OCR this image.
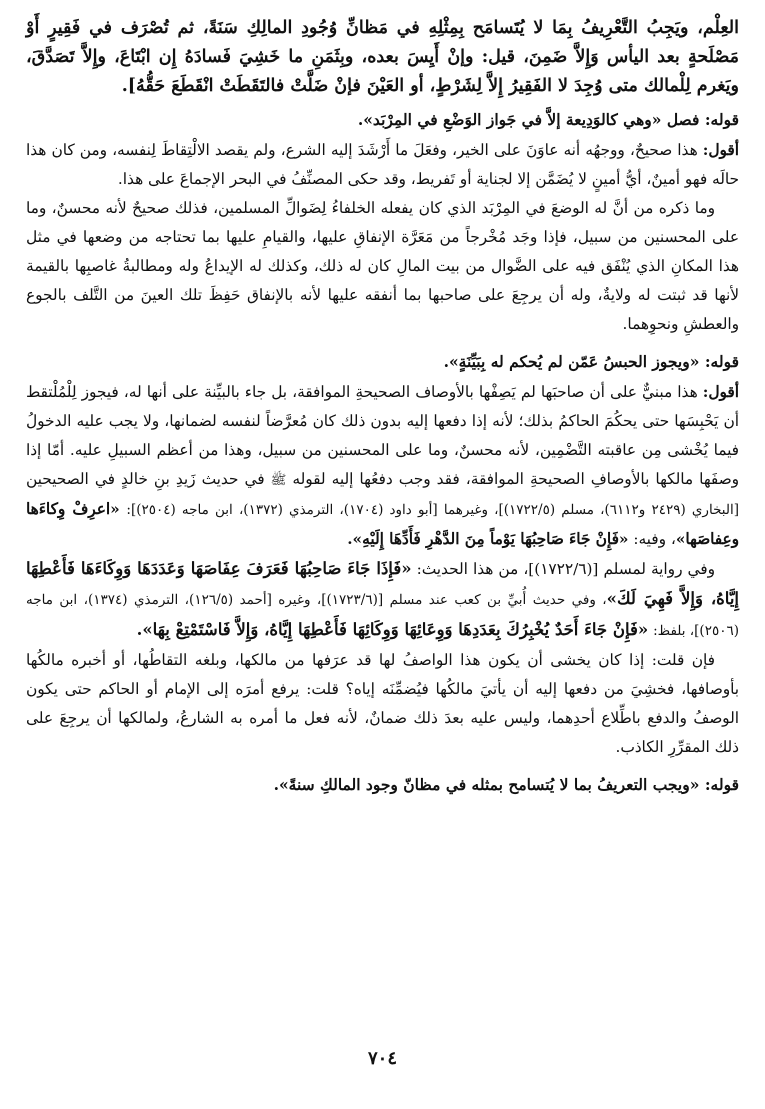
العِلْم، ويَجِبُ التَّعْرِيفُ بِمَا لا يُتَسامَح بِمِثْلِهِ في مَظانِّ وُجُودِ المالِكِ سَنَةً، ثم تُصْرَف في فَقِيرٍ أَوْ مَصْلَحةٍ بعد اليأس وَإِلاَّ ضَمِنَ، قيل: وإنْ أَيِسَ بعده، وبِثَمَنِ ما خَشِيَ فَسادَهُ إِن ابْتَاعَ، وإِلاَّ تَصَدَّقَ، ويَغرم لِلْمالك متى وُجِدَ لا الفَقِيرُ إِلاَّ لِشَرْطٍ، أو العَيْنَ فإنْ ضَلَّتْ فالتَقَطَتْ انْقَطَعَ حَقُّهُ].

قوله: فصل «وهي كالوَدِيعة إلاَّ في جَواز الوَضْعِ في المِرْبَد».

أقول: هذا صحيحٌ، ووجهُه أنه عاوَنَ على الخير، وفعَلَ ما أَرْشَدَ إليه الشرع، ولم يقصد الالْتِقاطَ لِنفسه، ومن كان هذا حالَه فهو أمينٌ، أيُّ أمينٍ لا يُضَمَّن إلا لجناية أو تَفريط، وقد حكى المصنِّفُ في البحر الإجماعَ على هذا.

وما ذكره من أنَّ له الوضعَ في المِرْبَد الذي كان يفعله الخلفاءُ لِضَوالِّ المسلمين، فذلك صحيحٌ لأنه محسنٌ، وما على المحسنين من سبيل، فإذا وجَد مُخْرجاً من مَعَرَّة الإنفاقِ عليها، والقيامِ عليها بما تحتاجه من وضعها في مثل هذا المكانِ الذي يُنْفَق فيه على الضَّوال من بيت المالِ كان له ذلك، وكذلك له الإيداعُ وله ومطالبةُ غاصبِها بالقيمة لأنها قد ثبتت له ولايةٌ، وله أن يرجِعَ على صاحبها بما أنفقه عليها لأنه بالإنفاق حَفِظَ تلك العينَ من التَّلف بالجوع والعطشِ ونحوِهما.

قوله: «ويجوز الحبسُ عَمّن لم يُحكم له بِبَيِّنَةٍ».

أقول: هذا مبنيٌّ على أن صاحبَها لم يَصِفْها بالأوصاف الصحيحةِ الموافقة، بل جاء بالبيِّنة على أنها له، فيجوز لِلْمُلْتقط أن يَحْبِسَها حتى يحكُمَ الحاكمُ بذلك؛ لأنه إذا دفعها إليه بدون ذلك كان مُعرَّضاً لنفسه لضمانها، ولا يجب عليه الدخولُ فيما يُخْشى مِن عاقبته التَّضْمِين، لأنه محسنٌ، وما على المحسنين من سبيل، وهذا من أعظم السبيلِ عليه. أمّا إذا وصفَها مالكها بالأوصافِ الصحيحةِ الموافقة، فقد وجب دفعُها إليه لقوله ﷺ في حديث زَيدِ بنِ خالدٍ في الصحيحين [البخاري (٢٤٢٩ و٦١١٢)، مسلم (١٧٢٢/٥)]، وغيرهما [أبو داود (١٧٠٤)، الترمذي (١٣٧٢)، ابن ماجه (٢٥٠٤)]: «اعرِفْ وِكاءَها وعِفاصَها»، وفيه: «فَإِنْ جَاءَ صَاحِبُهَا يَوْماً مِنَ الدَّهْرِ فَأَدِّهَا إِلَيْهِ».

وفي رواية لمسلم [(١٧٢٢/٦)]، من هذا الحديث: «فَإِذَا جَاءَ صَاحِبُهَا فَعَرَفَ عِفَاصَهَا وَعَدَدَهَا وَوِكَاءَهَا فَأَعْطِهَا إِيَّاهُ، وَإِلاَّ فَهِيَ لَكَ»، وفي حديث أُبيِّ بن كعب عند مسلم [(١٧٢٣/٦)]، وغيره [أحمد (١٢٦/٥)، الترمذي (١٣٧٤)، ابن ماجه (٢٥٠٦)]، بلفظ: «فَإِنْ جَاءَ أَحَدٌ يُخْبِرُكَ بِعَدَدِهَا وَوِعَائِهَا وَوِكَائِهَا فَأَعْطِهَا إِيَّاهُ، وَإِلاَّ فَاسْتَمْتِعْ بِهَا».

فإن قلت: إذا كان يخشى أن يكون هذا الواصفُ لها قد عرَفها من مالكها، وبلغه التقاطُها، أو أخبره مالكُها بأوصافها، فخشِيَ من دفعها إليه أن يأتيَ مالكُها فيُضمِّنَه إياه؟ قلت: يرفع أمرَه إلى الإمام أو الحاكم حتى يكون الوصفُ والدفع باطِّلاع أحدِهما، وليس عليه بعدَ ذلك ضمانٌ، لأنه فعل ما أمره به الشارعُ، ولمالكها أن يرجِعَ على ذلك المقرِّرِ الكاذب.

قوله: «ويجب التعريفُ بما لا يُتسامح بمثله في مظانّ وجود المالكِ سنةً».

٧٠٤
